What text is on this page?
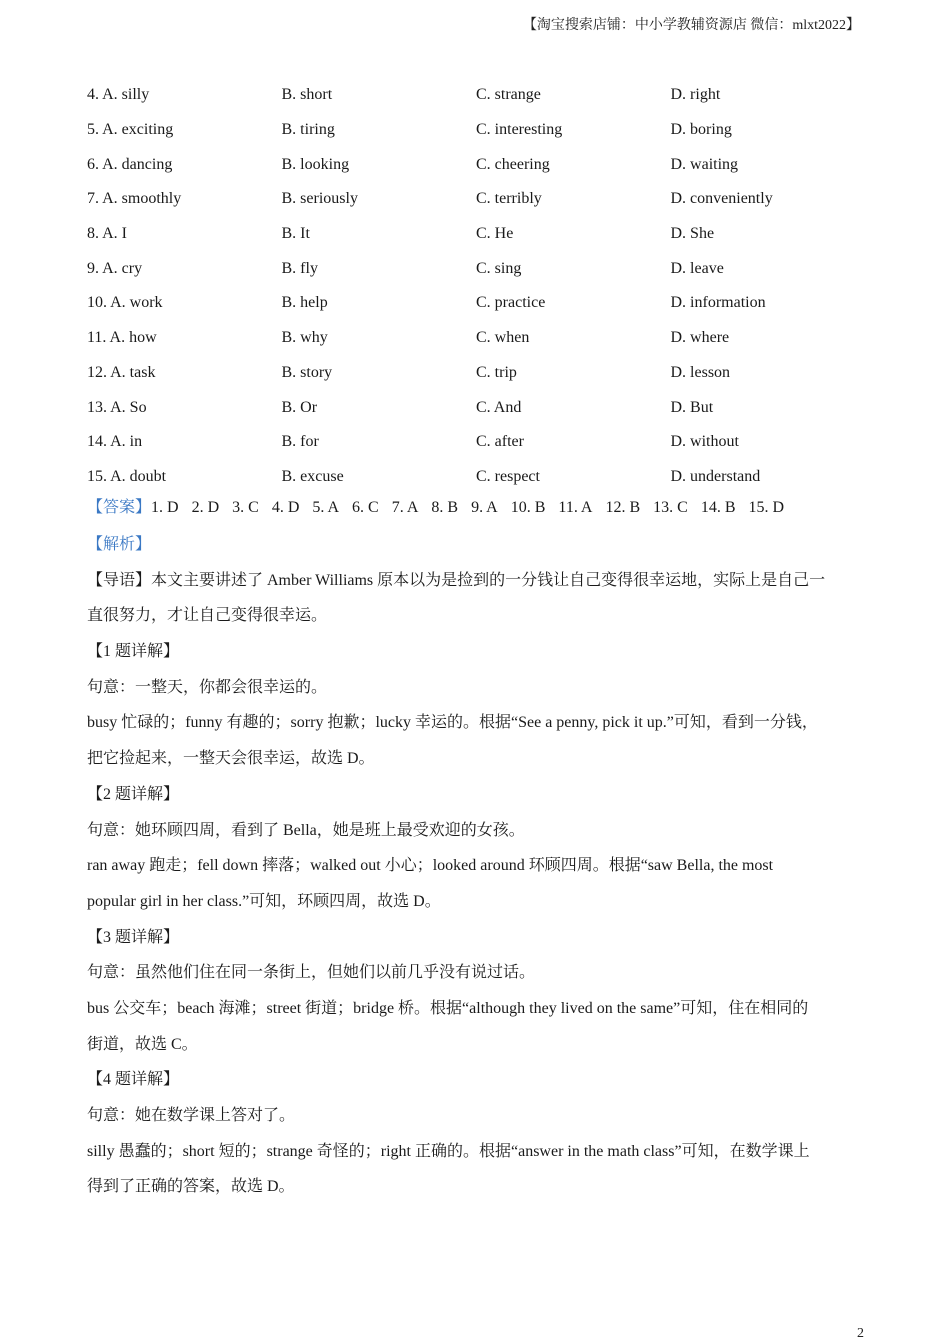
【淘宝搜索店铺：中小学教辅资源店 微信：mlxt2022】
4. A. silly	B. short	C. strange	D. right
5. A. exciting	B. tiring	C. interesting	D. boring
6. A. dancing	B. looking	C. cheering	D. waiting
7. A. smoothly	B. seriously	C. terribly	D. conveniently
8. A. I	B. It	C. He	D. She
9. A. cry	B. fly	C. sing	D. leave
10. A. work	B. help	C. practice	D. information
11. A. how	B. why	C. when	D. where
12. A. task	B. story	C. trip	D. lesson
13. A. So	B. Or	C. And	D. But
14. A. in	B. for	C. after	D. without
15. A. doubt	B. excuse	C. respect	D. understand
【答案】1. D 2. D 3. C 4. D 5. A 6. C 7. A 8. B 9. A 10. B 11. A 12. B 13. C 14. B 15. D
【解析】
【导语】本文主要讲述了 Amber Williams 原本以为是捡到的一分钱让自己变得很幸运地，实际上是自己一
直很努力，才让自己变得很幸运。
【1 题详解】
句意：一整天，你都会很幸运的。
busy 忙碌的；funny 有趣的；sorry 抱歉；lucky 幸运的。根据“See a penny, pick it up.”可知，看到一分钱，
把它捡起来，一整天会很幸运，故选 D。
【2 题详解】
句意：她环顾四周，看到了 Bella，她是班上最受欢迎的女孩。
ran away 跑走；fell down 摔落；walked out 小心；looked around 环顾四周。根据“saw Bella, the most
popular girl in her class.”可知，环顾四周，故选 D。
【3 题详解】
句意：虽然他们住在同一条街上，但她们以前几乎没有说过话。
bus 公交车；beach 海滩；street 街道；bridge 桥。根据“although they lived on the same”可知，住在相同的
街道，故选 C。
【4 题详解】
句意：她在数学课上答对了。
silly 愚蠢的；short 短的；strange 奇怪的；right 正确的。根据“answer in the math class”可知，在数学课上
得到了正确的答案，故选 D。
2
